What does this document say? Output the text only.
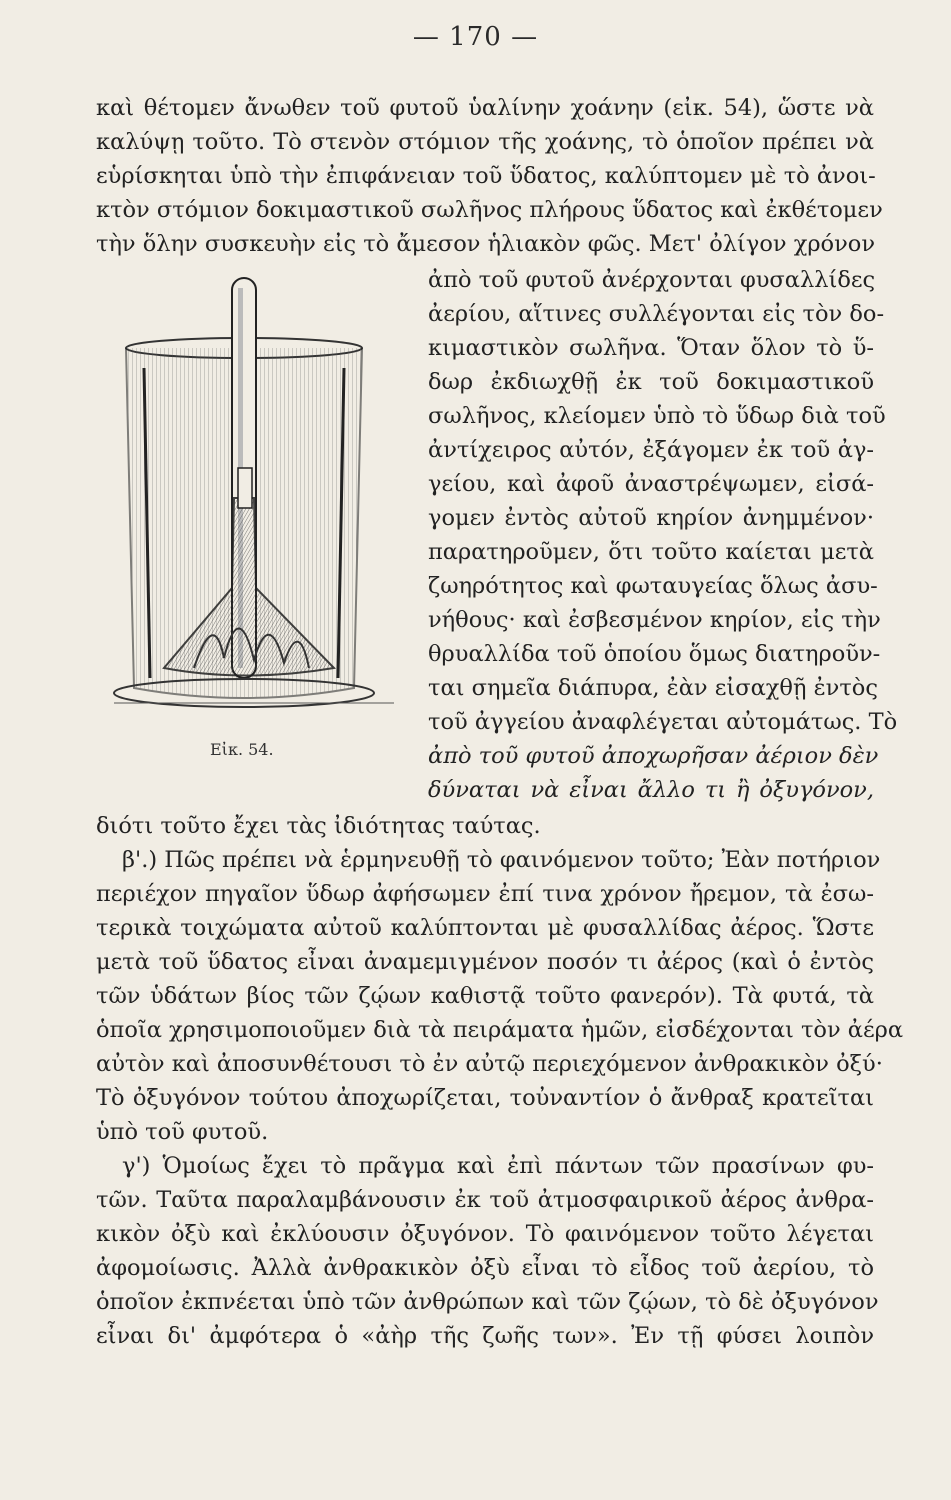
— 170 —
καὶ θέτομεν ἄνωθεν τοῦ φυτοῦ ὑαλίνην χοάνην (εἰκ. 54), ὥστε νὰ
καλύψῃ τοῦτο. Τὸ στενὸν στόμιον τῆς χοάνης, τὸ ὁποῖον πρέπει νὰ
εὑρίσκηται ὑπὸ τὴν ἐπιφάνειαν τοῦ ὕδατος, καλύπτομεν μὲ τὸ ἀνοι-
κτὸν στόμιον δοκιμαστικοῦ σωλῆνος πλήρους ὕδατος καὶ ἐκθέτομεν
τὴν ὅλην συσκευὴν εἰς τὸ ἄμεσον ἡλιακὸν φῶς. Μετ' ὀλίγον χρόνον
ἀπὸ τοῦ φυτοῦ ἀνέρχονται φυσαλλίδες
ἀερίου, αἵτινες συλλέγονται εἰς τὸν δο-
κιμαστικὸν σωλῆνα. Ὅταν ὅλον τὸ ὕ-
δωρ ἐκδιωχθῇ ἐκ τοῦ δοκιμαστικοῦ
σωλῆνος, κλείομεν ὑπὸ τὸ ὕδωρ διὰ τοῦ
ἀντίχειρος αὐτόν, ἐξάγομεν ἐκ τοῦ ἀγ-
γείου, καὶ ἀφοῦ ἀναστρέψωμεν, εἰσά-
γομεν ἐντὸς αὐτοῦ κηρίον ἀνημμένον·
παρατηροῦμεν, ὅτι τοῦτο καίεται μετὰ
ζωηρότητος καὶ φωταυγείας ὅλως ἀσυ-
νήθους· καὶ ἐσβεσμένον κηρίον, εἰς τὴν
θρυαλλίδα τοῦ ὁποίου ὅμως διατηροῦν-
ται σημεῖα διάπυρα, ἐὰν εἰσαχθῇ ἐντὸς
τοῦ ἀγγείου ἀναφλέγεται αὐτομάτως. Τὸ
ἀπὸ τοῦ φυτοῦ ἀποχωρῆσαν ἀέριον δὲν
δύναται νὰ εἶναι ἄλλο τι ἢ ὀξυγόνον,
Εἰκ. 54.
διότι τοῦτο ἔχει τὰς ἰδιότητας ταύτας.
β'.) Πῶς πρέπει νὰ ἑρμηνευθῇ τὸ φαινόμενον τοῦτο; Ἐὰν ποτήριον
περιέχον πηγαῖον ὕδωρ ἀφήσωμεν ἐπί τινα χρόνον ἤρεμον, τὰ ἐσω-
τερικὰ τοιχώματα αὐτοῦ καλύπτονται μὲ φυσαλλίδας ἀέρος. Ὥστε
μετὰ τοῦ ὕδατος εἶναι ἀναμεμιγμένον ποσόν τι ἀέρος (καὶ ὁ ἐντὸς
τῶν ὑδάτων βίος τῶν ζῴων καθιστᾷ τοῦτο φανερόν). Τὰ φυτά, τὰ
ὁποῖα χρησιμοποιοῦμεν διὰ τὰ πειράματα ἡμῶν, εἰσδέχονται τὸν ἀέρα
αὐτὸν καὶ ἀποσυνθέτουσι τὸ ἐν αὐτῷ περιεχόμενον ἀνθρακικὸν ὀξύ·
Τὸ ὀξυγόνον τούτου ἀποχωρίζεται, τοὐναντίον ὁ ἄνθραξ κρατεῖται
ὑπὸ τοῦ φυτοῦ.
γ') Ὁμοίως ἔχει τὸ πρᾶγμα καὶ ἐπὶ πάντων τῶν πρασίνων φυ-
τῶν. Ταῦτα παραλαμβάνουσιν ἐκ τοῦ ἀτμοσφαιρικοῦ ἀέρος ἀνθρα-
κικὸν ὀξὺ καὶ ἐκλύουσιν ὀξυγόνον. Τὸ φαινόμενον τοῦτο λέγεται
ἀφομοίωσις. Ἀλλὰ ἀνθρακικὸν ὀξὺ εἶναι τὸ εἶδος τοῦ ἀερίου, τὸ
ὁποῖον ἐκπνέεται ὑπὸ τῶν ἀνθρώπων καὶ τῶν ζῴων, τὸ δὲ ὀξυγόνον
εἶναι δι' ἀμφότερα ὁ «ἀὴρ τῆς ζωῆς των». Ἐν τῇ φύσει λοιπὸν
